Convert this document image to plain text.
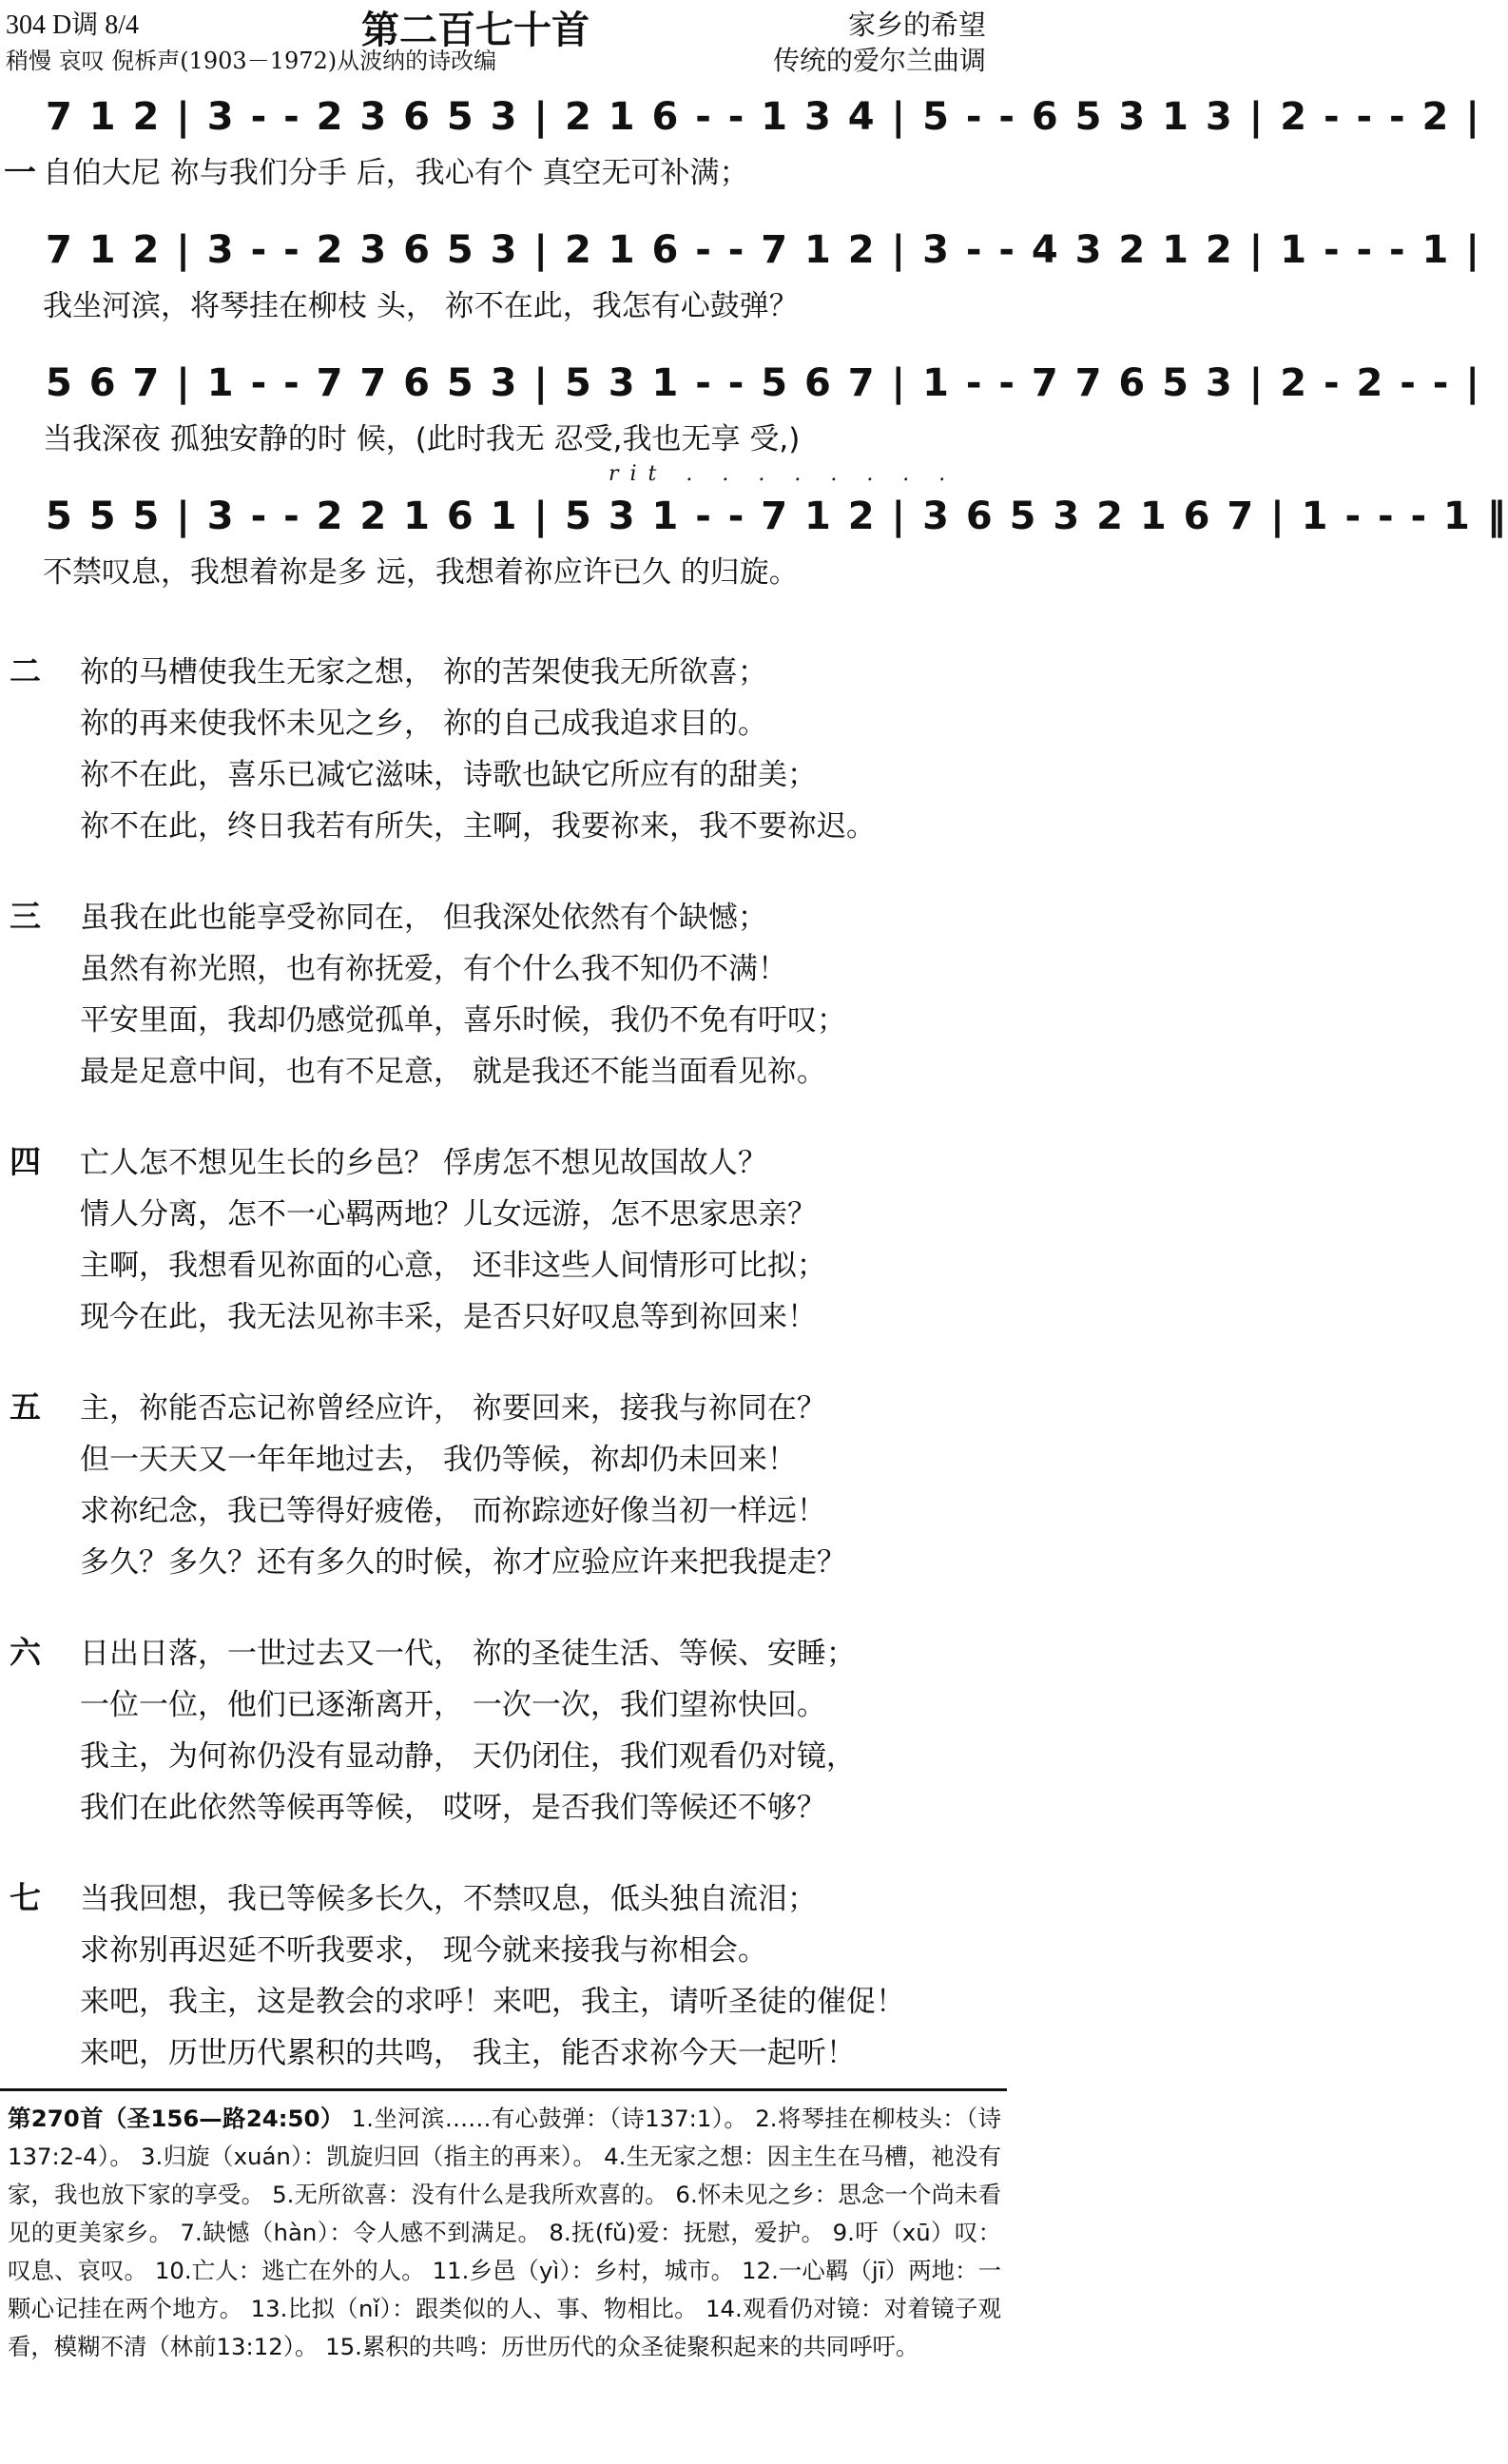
304 D调 8/4	第二百七十首	家乡的希望
稍慢 哀叹 倪柝声(1903－1972)从波纳的诗改编	传统的爱尔兰曲调
7 1 2 | 3 - - 2 3 6 5 3 | 2 1 6 - - 1 3 4 | 5 - - 6 5 3 1 3 | 2 - - - 2 |
一 自伯大尼 祢与我们分手 后，我心有个 真空无可补满；
7 1 2 | 3 - - 2 3 6 5 3 | 2 1 6 - - 7 1 2 | 3 - - 4 3 2 1 2 | 1 - - - 1 |
我坐河滨，将琴挂在柳枝 头， 祢不在此，我怎有心鼓弹？
5 6 7 | 1 - - 7 7 6 5 3 | 5 3 1 - - 5 6 7 | 1 - - 7 7 6 5 3 | 2 - 2 - - |
当我深夜 孤独安静的时 候，(此时我无 忍受,我也无享 受,)
rit . . . . . . . .
5 5 5 | 3 - - 2 2 1 6 1 | 5 3 1 - - 7 1 2 | 3 6 5 3 2 1 6 7 | 1 - - - 1 ‖
不禁叹息，我想着祢是多 远，我想着祢应许已久 的归旋。
二 祢的马槽使我生无家之想， 祢的苦架使我无所欲喜；
祢的再来使我怀未见之乡， 祢的自己成我追求目的。
祢不在此，喜乐已减它滋味，诗歌也缺它所应有的甜美；
祢不在此，终日我若有所失，主啊，我要祢来，我不要祢迟。
三 虽我在此也能享受祢同在， 但我深处依然有个缺憾；
虽然有祢光照，也有祢抚爱，有个什么我不知仍不满！
平安里面，我却仍感觉孤单，喜乐时候，我仍不免有吁叹；
最是足意中间，也有不足意， 就是我还不能当面看见祢。
四 亡人怎不想见生长的乡邑？ 俘虏怎不想见故国故人？
情人分离，怎不一心羁两地？儿女远游，怎不思家思亲？
主啊，我想看见祢面的心意， 还非这些人间情形可比拟；
现今在此，我无法见祢丰采，是否只好叹息等到祢回来！
五 主，祢能否忘记祢曾经应许， 祢要回来，接我与祢同在？
但一天天又一年年地过去， 我仍等候，祢却仍未回来！
求祢纪念，我已等得好疲倦， 而祢踪迹好像当初一样远！
多久？多久？还有多久的时候，祢才应验应许来把我提走？
六 日出日落，一世过去又一代， 祢的圣徒生活、等候、安睡；
一位一位，他们已逐渐离开， 一次一次，我们望祢快回。
我主，为何祢仍没有显动静， 天仍闭住，我们观看仍对镜，
我们在此依然等候再等候， 哎呀，是否我们等候还不够？
七 当我回想，我已等候多长久，不禁叹息，低头独自流泪；
求祢别再迟延不听我要求， 现今就来接我与祢相会。
来吧，我主，这是教会的求呼！来吧，我主，请听圣徒的催促！
来吧，历世历代累积的共鸣， 我主，能否求祢今天一起听！
第270首（圣156—路24:50） 1.坐河滨……有心鼓弹：（诗137:1）。 2.将琴挂在柳枝头：（诗137:2-4）。 3.归旋（xuán）：凯旋归回（指主的再来）。 4.生无家之想：因主生在马槽，祂没有家，我也放下家的享受。 5.无所欲喜：没有什么是我所欢喜的。 6.怀未见之乡：思念一个尚未看见的更美家乡。 7.缺憾（hàn）：令人感不到满足。 8.抚(fǔ)爱：抚慰，爱护。 9.吁（xū）叹：叹息、哀叹。 10.亡人：逃亡在外的人。 11.乡邑（yì）：乡村，城市。 12.一心羁（jī）两地：一颗心记挂在两个地方。 13.比拟（nǐ）：跟类似的人、事、物相比。 14.观看仍对镜：对着镜子观看，模糊不清（林前13:12）。 15.累积的共鸣：历世历代的众圣徒聚积起来的共同呼吁。
